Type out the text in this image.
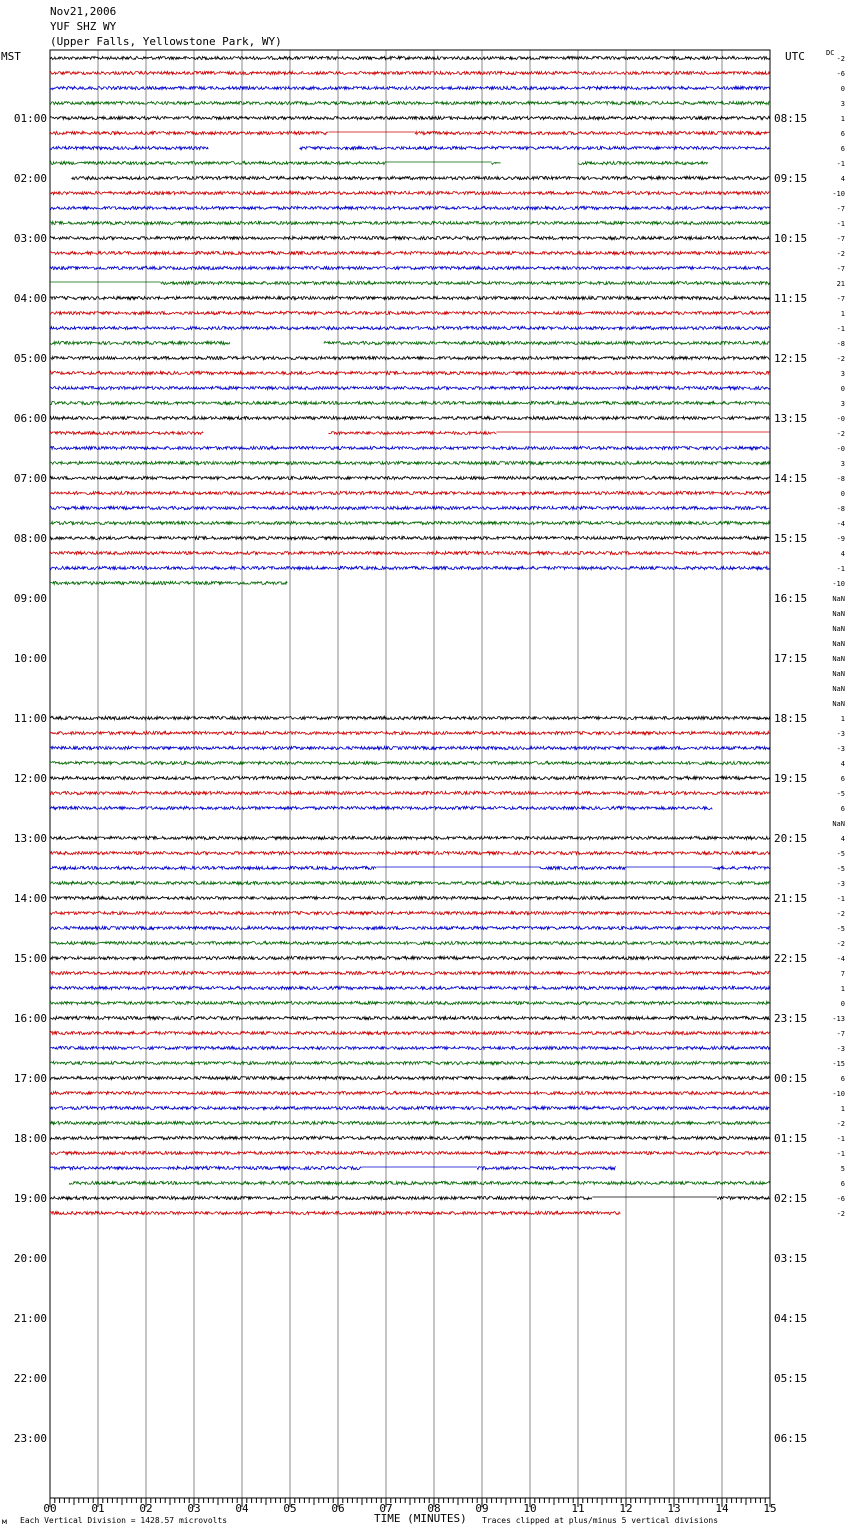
Nov21,2006
YUF SHZ WY
(Upper Falls, Yellowstone Park, WY)
MST	UTC	DC
00	01	02	03	04	05	06	07	08	09	10	11	12	13	14	15
01:00
02:00
03:00
04:00
05:00
06:00
07:00
08:00
09:00
10:00
11:00
12:00
13:00
14:00
15:00
16:00
17:00
18:00
19:00
20:00
21:00
22:00
23:00
08:15
09:15
10:15
11:15
12:15
13:15
14:15
15:15
16:15
17:15
18:15
19:15
20:15
21:15
22:15
23:15
00:15
01:15
02:15
03:15
04:15
05:15
06:15
-2
-6
0
3
1
6
6
-1
4
-10
-7
-1
-7
-2
-7
21
-7
1
-1
-8
-2
3
0
3
-0
-2
-0
3
-8
0
-8
-4
-9
4
-1
-10
NaN
NaN
NaN
NaN
NaN
NaN
NaN
NaN
1
-3
-3
4
6
-5
6
NaN
4
-5
-5
-3
-1
-2
-5
-2
-4
7
1
0
-13
-7
-3
-15
6
-10
1
-2
-1
-1
5
6
-6
-2
м Each Vertical Division = 1428.57 microvolts	TIME (MINUTES) Traces clipped at plus/minus 5 vertical divisions
